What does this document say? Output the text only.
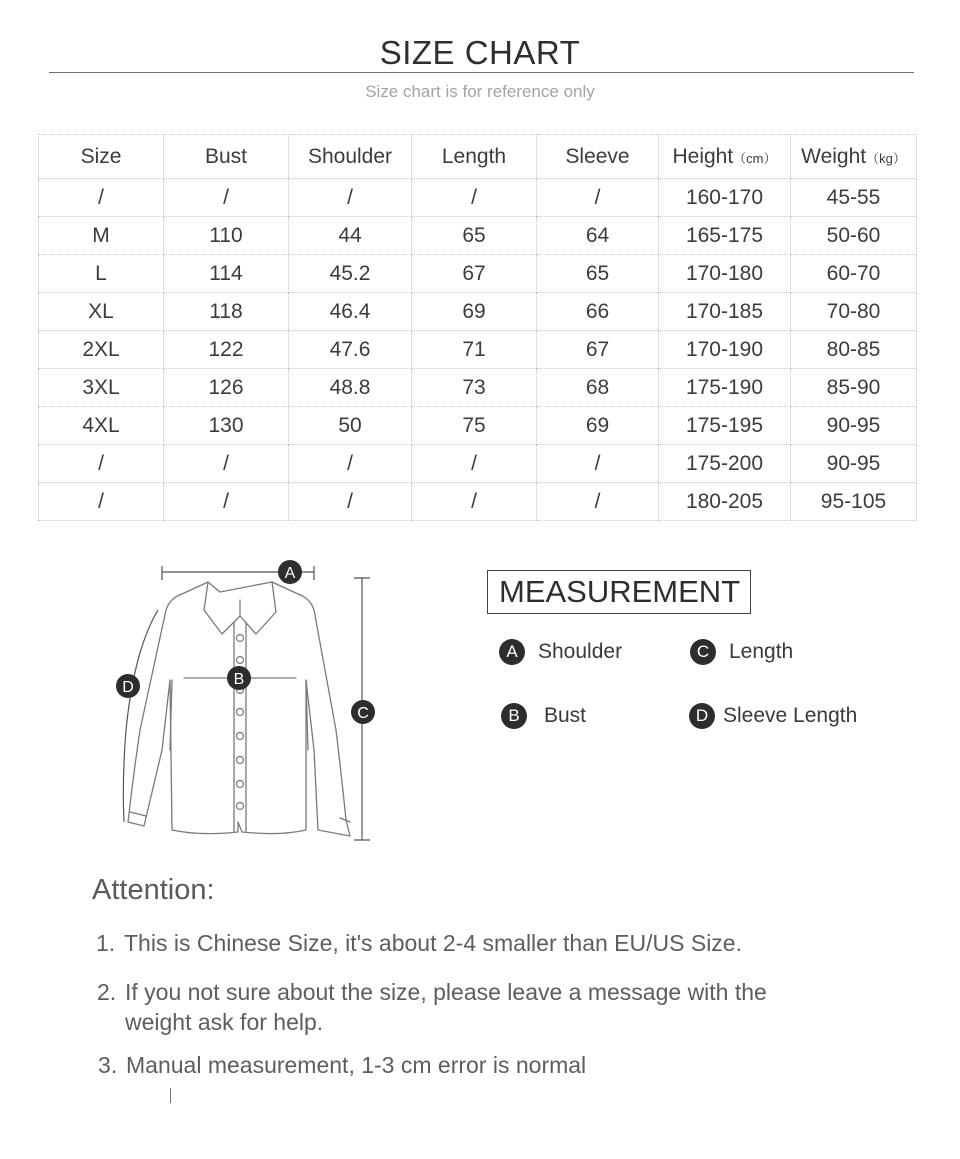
SIZE CHART
Size chart is for reference only
Size	Bust	Shoulder	Length	Sleeve	Height（cm）	Weight（kg）
/	/	/	/	/	160-170	45-55
M	110	44	65	64	165-175	50-60
L	114	45.2	67	65	170-180	60-70
XL	118	46.4	69	66	170-185	70-80
2XL	122	47.6	71	67	170-190	80-85
3XL	126	48.8	73	68	175-190	85-90
4XL	130	50	75	69	175-195	90-95
/	/	/	/	/	175-200	90-95
/	/	/	/	/	180-205	95-105
A
B
C
D
MEASUREMENT
A Shoulder	C Length
B	Bust	D Sleeve Length
Attention:
1. This is Chinese Size, it's about 2-4 smaller than EU/US Size.
2. If you not sure about the size, please leave a message with the
weight ask for help.
3. Manual measurement, 1-3 cm error is normal
